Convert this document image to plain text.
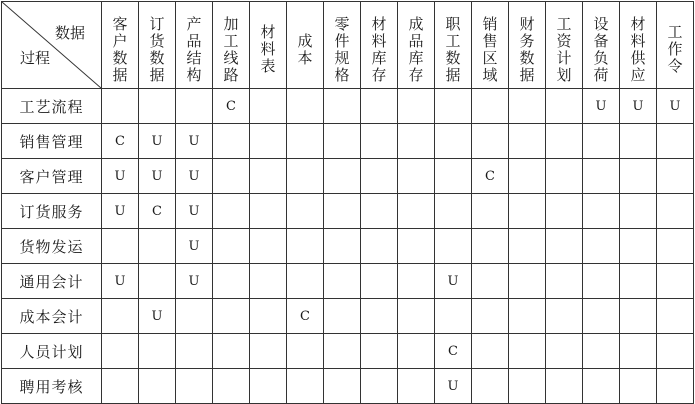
数据
过程	客户数据	订货数据	产品结构	加工线路	材料表	成本	零件规格	材料库存	成品库存	职工数据	销售区域	财务数据	工资计划	设备负荷	材料供应	工作令
工艺流程				C										U	U	U
销售管理	C	U	U													
客户管理	U	U	U								C					
订货服务	U	C	U													
货物发运			U													
通用会计	U		U							U						
成本会计		U				C										
人员计划										C						
聘用考核										U						
